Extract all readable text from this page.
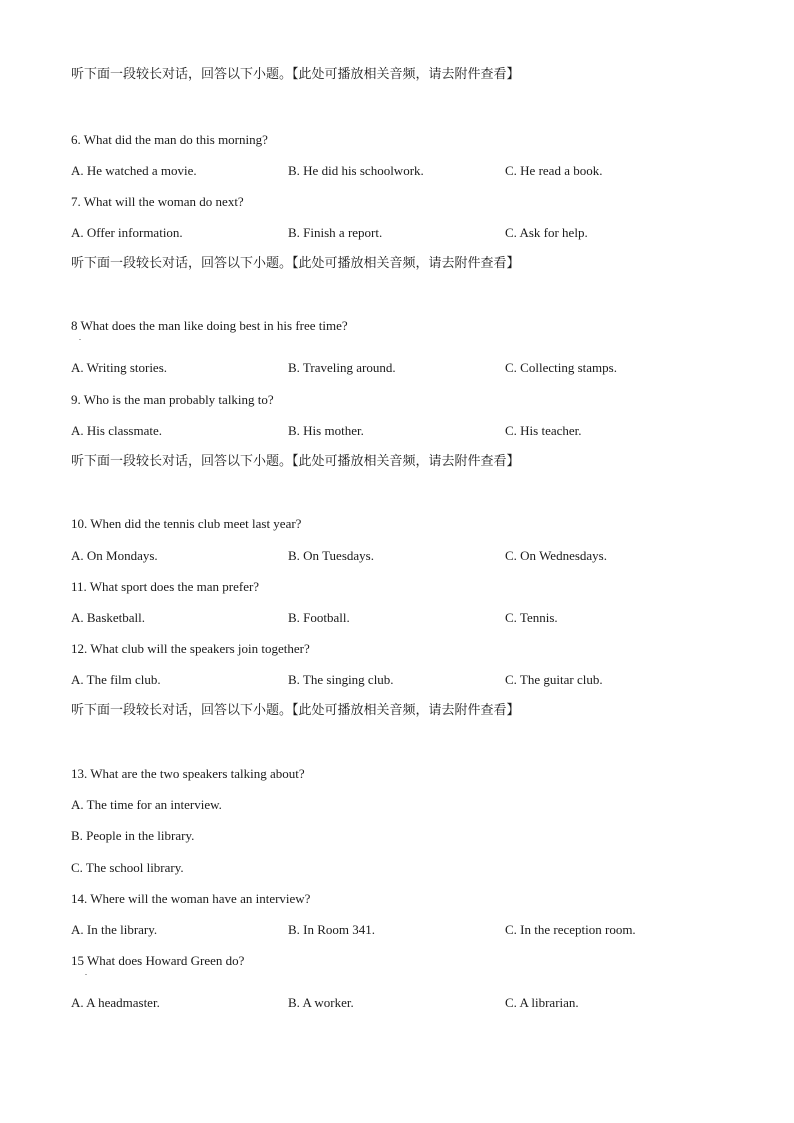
听下面一段较长对话，回答以下小题。【此处可播放相关音频，请去附件查看】
6. What did the man do this morning?
A. He watched a movie.	B. He did his schoolwork.	C. He read a book.
7. What will the woman do next?
A. Offer information.	B. Finish a report.	C. Ask for help.
听下面一段较长对话，回答以下小题。【此处可播放相关音频，请去附件查看】
8 What does the man like doing best in his free time?
.
A. Writing stories.	B. Traveling around.	C. Collecting stamps.
9. Who is the man probably talking to?
A. His classmate.	B. His mother.	C. His teacher.
听下面一段较长对话，回答以下小题。【此处可播放相关音频，请去附件查看】
10. When did the tennis club meet last year?
A. On Mondays.	B. On Tuesdays.	C. On Wednesdays.
11. What sport does the man prefer?
A. Basketball.	B. Football.	C. Tennis.
12. What club will the speakers join together?
A. The film club.	B. The singing club.	C. The guitar club.
听下面一段较长对话，回答以下小题。【此处可播放相关音频，请去附件查看】
13. What are the two speakers talking about?
A. The time for an interview.
B. People in the library.
C. The school library.
14. Where will the woman have an interview?
A. In the library.	B. In Room 341.	C. In the reception room.
15 What does Howard Green do?
.
A. A headmaster.	B. A worker.	C. A librarian.
